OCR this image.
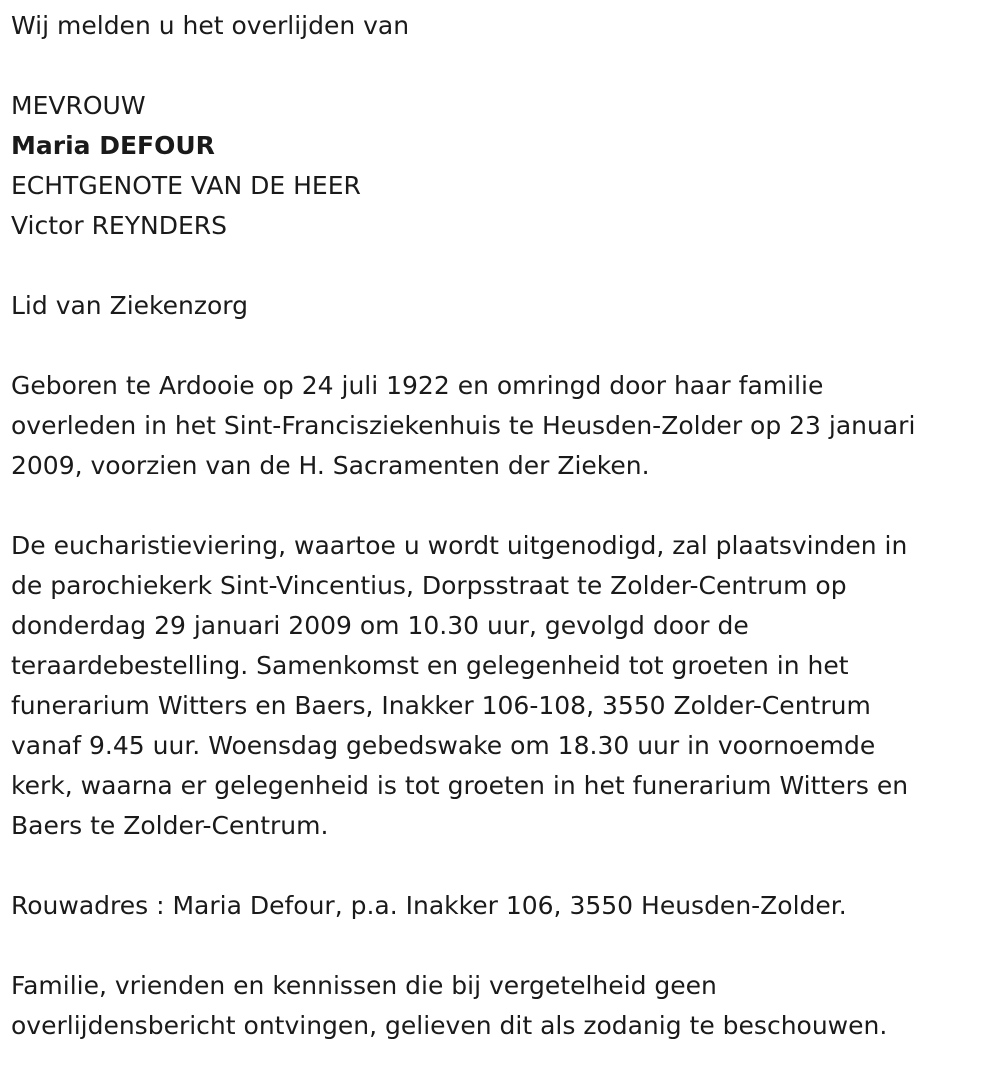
Wij melden u het overlijden van
MEVROUW
Maria DEFOUR
ECHTGENOTE VAN DE HEER
Victor REYNDERS
Lid van Ziekenzorg
Geboren te Ardooie op 24 juli 1922 en omringd door haar familie
overleden in het Sint-Francisziekenhuis te Heusden-Zolder op 23 januari
2009, voorzien van de H. Sacramenten der Zieken.
De eucharistieviering, waartoe u wordt uitgenodigd, zal plaatsvinden in
de parochiekerk Sint-Vincentius, Dorpsstraat te Zolder-Centrum op
donderdag 29 januari 2009 om 10.30 uur, gevolgd door de
teraardebestelling. Samenkomst en gelegenheid tot groeten in het
funerarium Witters en Baers, Inakker 106-108, 3550 Zolder-Centrum
vanaf 9.45 uur. Woensdag gebedswake om 18.30 uur in voornoemde
kerk, waarna er gelegenheid is tot groeten in het funerarium Witters en
Baers te Zolder-Centrum.
Rouwadres : Maria Defour, p.a. Inakker 106, 3550 Heusden-Zolder.
Familie, vrienden en kennissen die bij vergetelheid geen
overlijdensbericht ontvingen, gelieven dit als zodanig te beschouwen.
